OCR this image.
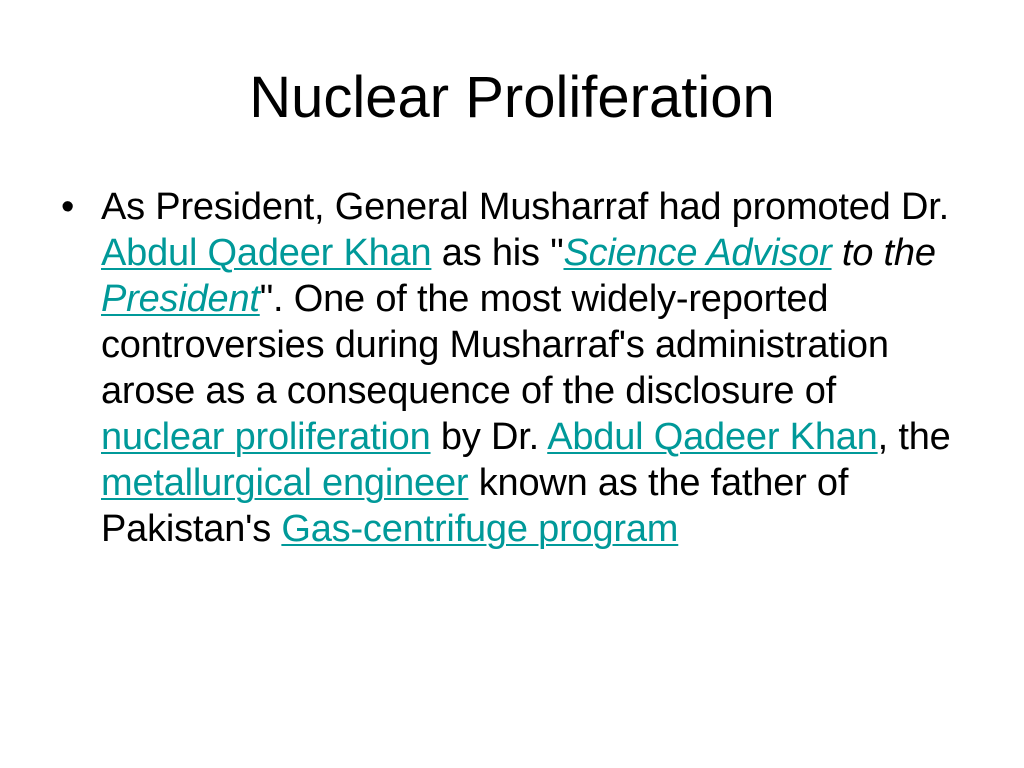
Nuclear Proliferation
• As President, General Musharraf had promoted Dr. Abdul Qadeer Khan as his "Science Advisor to the President". One of the most widely-reported controversies during Musharraf's administration arose as a consequence of the disclosure of nuclear proliferation by Dr. Abdul Qadeer Khan, the metallurgical engineer known as the father of Pakistan's Gas-centrifuge program
